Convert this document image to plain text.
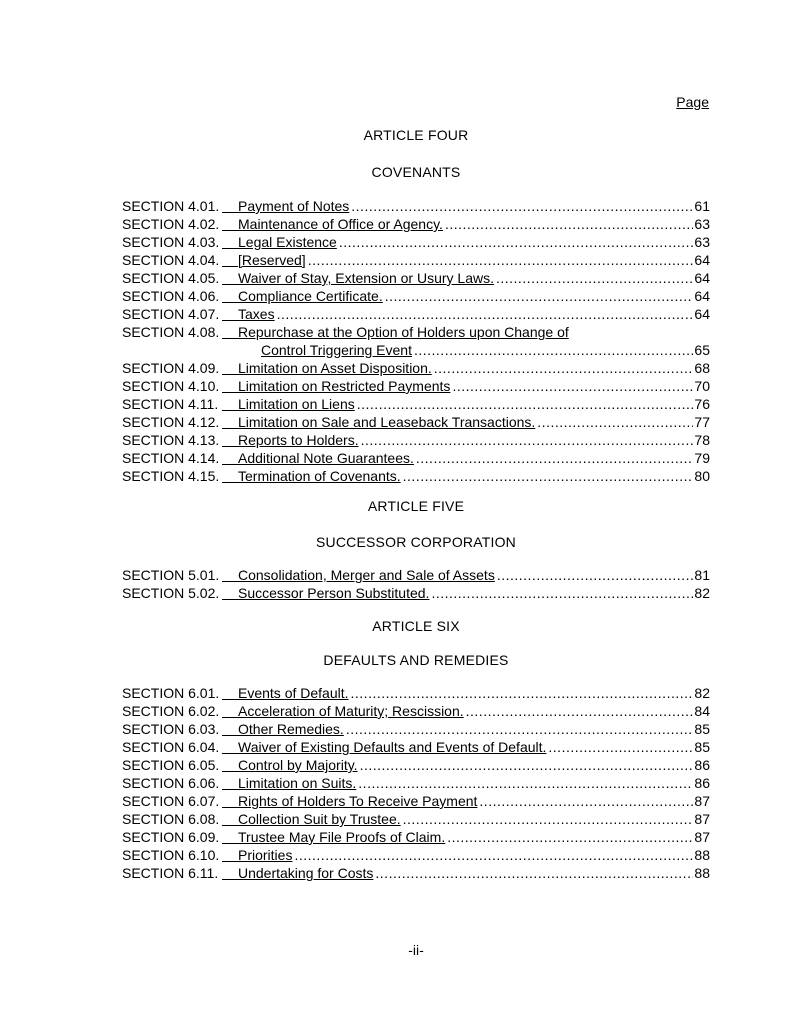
Page
ARTICLE FOUR
COVENANTS
SECTION 4.01.	Payment of Notes .....	61
SECTION 4.02.	Maintenance of Office or Agency. .....	63
SECTION 4.03.	Legal Existence .....	63
SECTION 4.04.	[Reserved] .....	64
SECTION 4.05.	Waiver of Stay, Extension or Usury Laws. .....	64
SECTION 4.06.	Compliance Certificate. .....	64
SECTION 4.07.	Taxes .....	64
SECTION 4.08.	Repurchase at the Option of Holders upon Change of
Control Triggering Event .....	65
SECTION 4.09.	Limitation on Asset Disposition. .....	68
SECTION 4.10.	Limitation on Restricted Payments .....	70
SECTION 4.11.	Limitation on Liens .....	76
SECTION 4.12.	Limitation on Sale and Leaseback Transactions. .....	77
SECTION 4.13.	Reports to Holders. .....	78
SECTION 4.14.	Additional Note Guarantees. .....	79
SECTION 4.15.	Termination of Covenants. .....	80
ARTICLE FIVE
SUCCESSOR CORPORATION
SECTION 5.01.	Consolidation, Merger and Sale of Assets .....	81
SECTION 5.02.	Successor Person Substituted. .....	82
ARTICLE SIX
DEFAULTS AND REMEDIES
SECTION 6.01.	Events of Default. .....	82
SECTION 6.02.	Acceleration of Maturity; Rescission. .....	84
SECTION 6.03.	Other Remedies. .....	85
SECTION 6.04.	Waiver of Existing Defaults and Events of Default. .....	85
SECTION 6.05.	Control by Majority. .....	86
SECTION 6.06.	Limitation on Suits. .....	86
SECTION 6.07.	Rights of Holders To Receive Payment .....	87
SECTION 6.08.	Collection Suit by Trustee. .....	87
SECTION 6.09.	Trustee May File Proofs of Claim. .....	87
SECTION 6.10.	Priorities .....	88
SECTION 6.11.	Undertaking for Costs .....	88
-ii-
